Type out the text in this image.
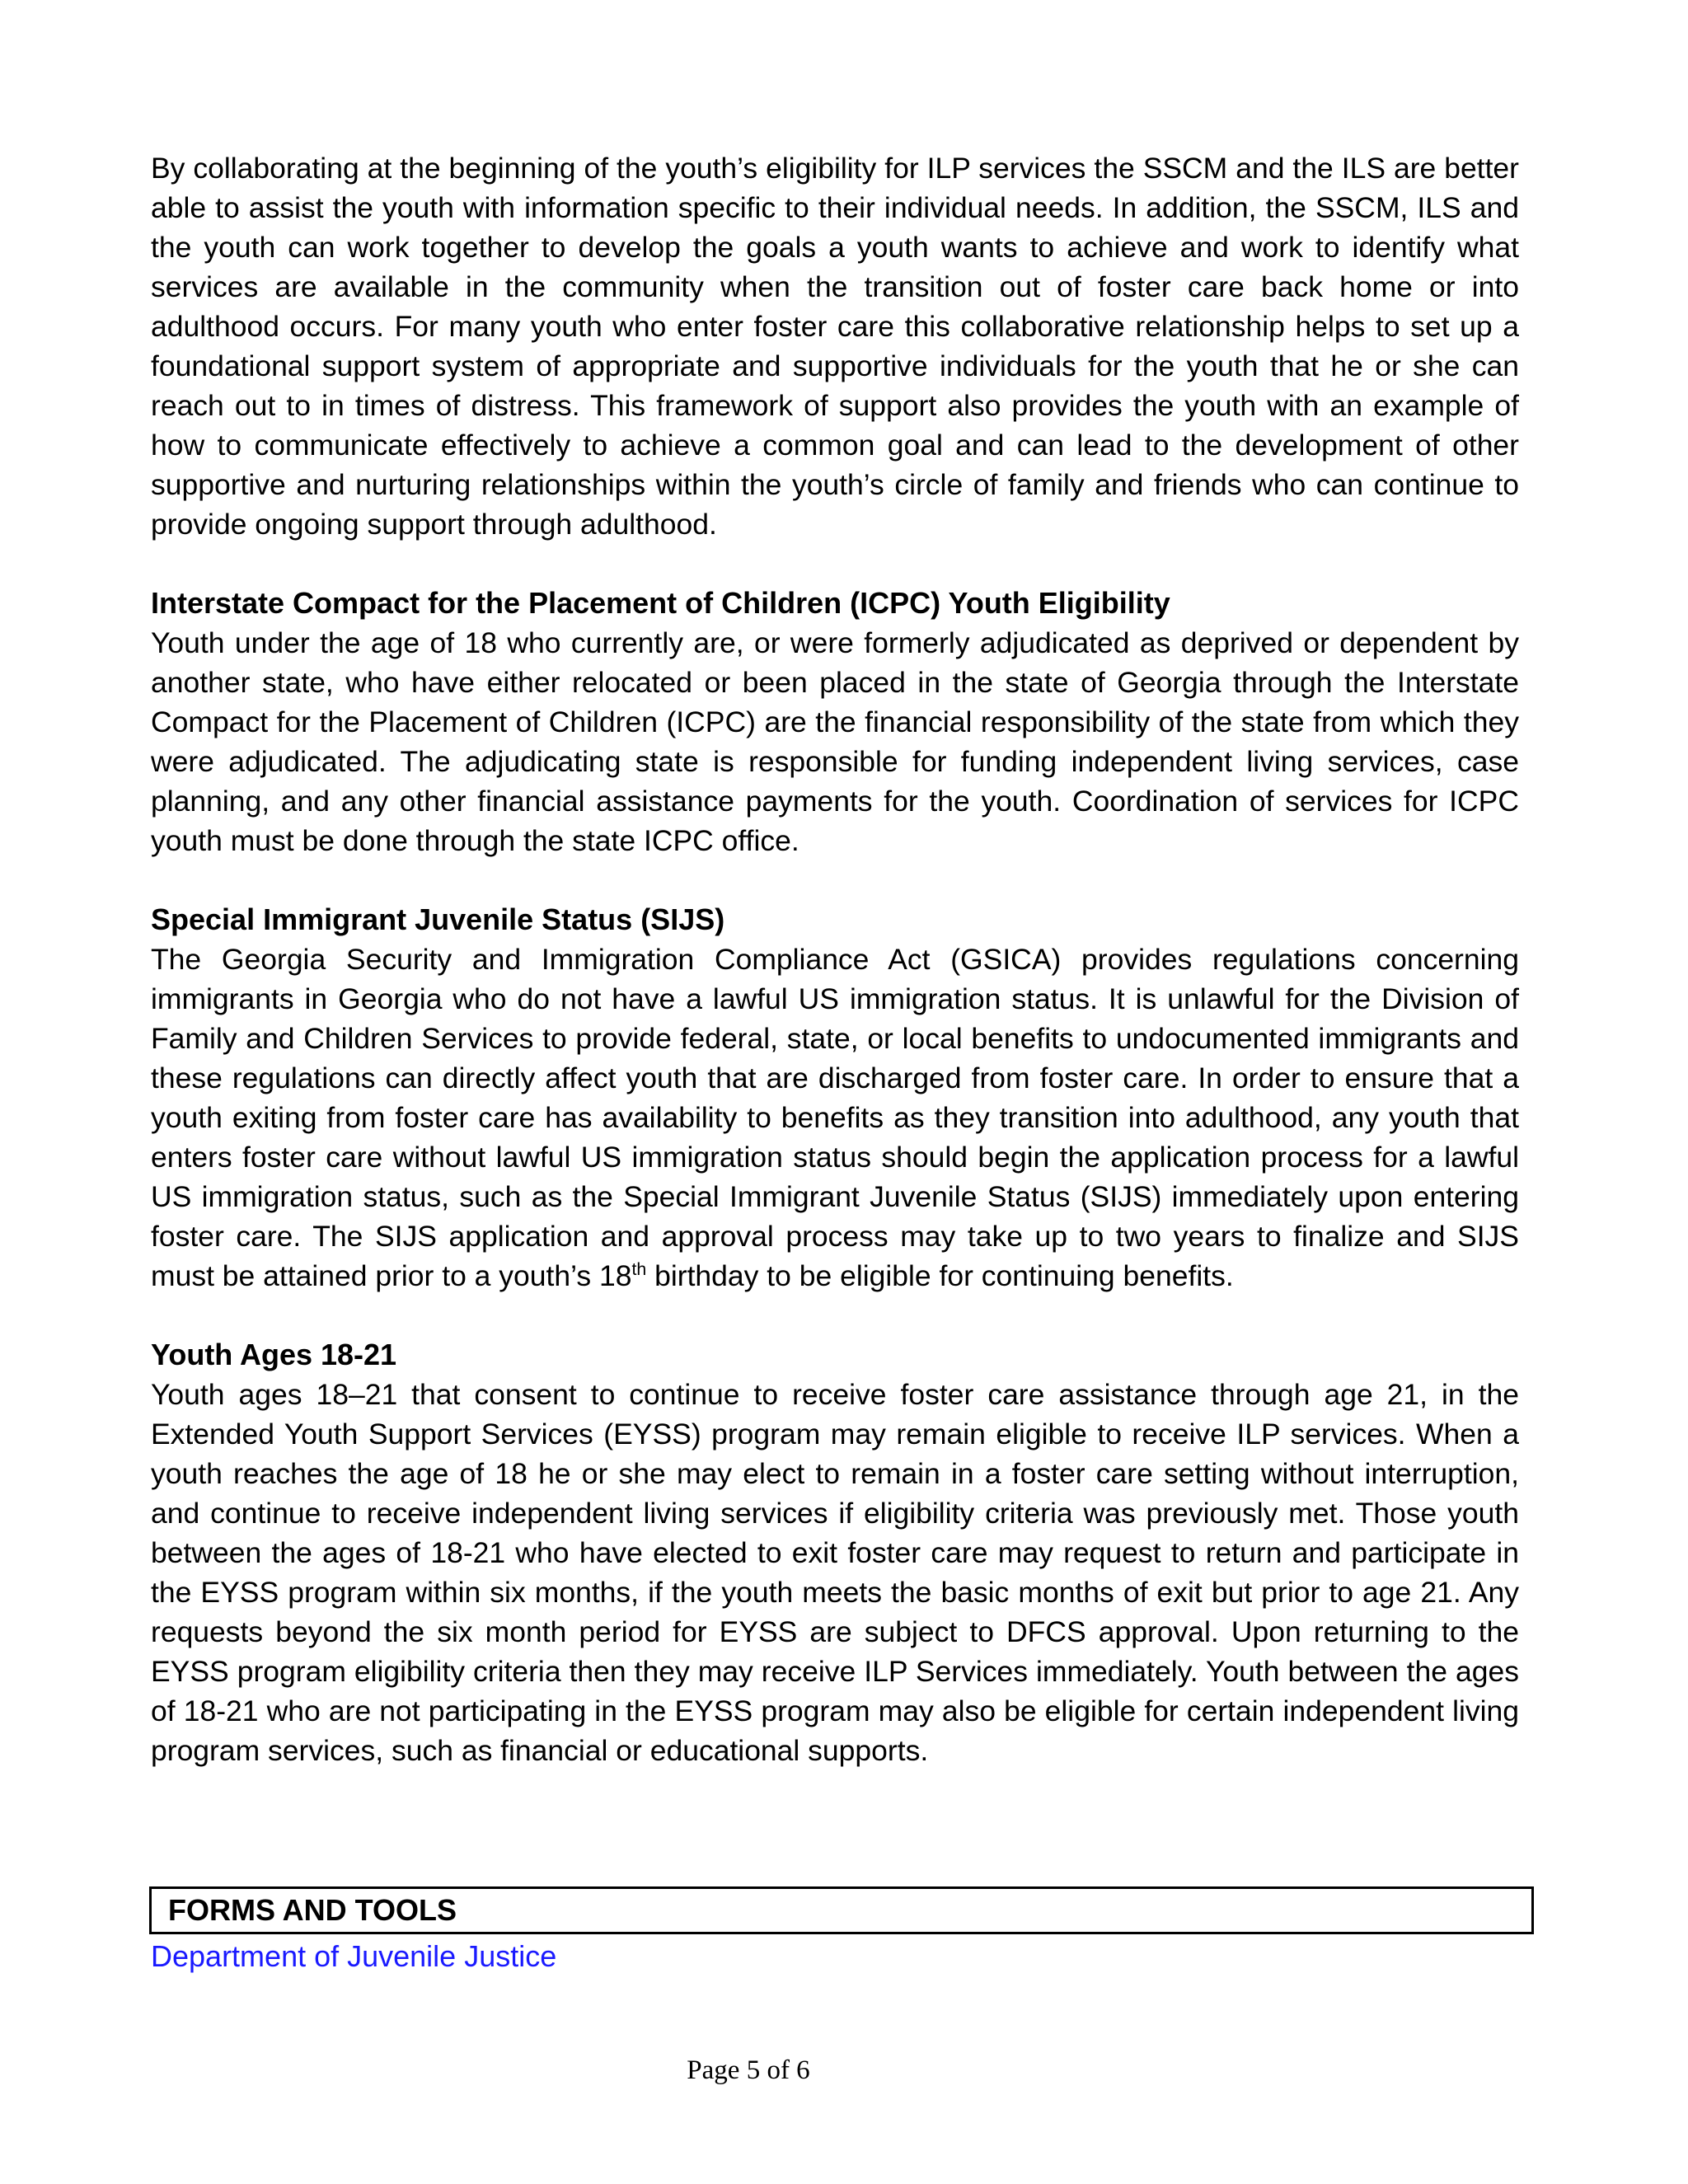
By collaborating at the beginning of the youth’s eligibility for ILP services the SSCM and the ILS are better able to assist the youth with information specific to their individual needs. In addition, the SSCM, ILS and the youth can work together to develop the goals a youth wants to achieve and work to identify what services are available in the community when the transition out of foster care back home or into adulthood occurs. For many youth who enter foster care this collaborative relationship helps to set up a foundational support system of appropriate and supportive individuals for the youth that he or she can reach out to in times of distress. This framework of support also provides the youth with an example of how to communicate effectively to achieve a common goal and can lead to the development of other supportive and nurturing relationships within the youth’s circle of family and friends who can continue to provide ongoing support through adulthood.

Interstate Compact for the Placement of Children (ICPC) Youth Eligibility

Youth under the age of 18 who currently are, or were formerly adjudicated as deprived or dependent by another state, who have either relocated or been placed in the state of Georgia through the Interstate Compact for the Placement of Children (ICPC) are the financial responsibility of the state from which they were adjudicated. The adjudicating state is responsible for funding independent living services, case planning, and any other financial assistance payments for the youth. Coordination of services for ICPC youth must be done through the state ICPC office.

Special Immigrant Juvenile Status (SIJS)

The Georgia Security and Immigration Compliance Act (GSICA) provides regulations concerning immigrants in Georgia who do not have a lawful US immigration status. It is unlawful for the Division of Family and Children Services to provide federal, state, or local benefits to undocumented immigrants and these regulations can directly affect youth that are discharged from foster care. In order to ensure that a youth exiting from foster care has availability to benefits as they transition into adulthood, any youth that enters foster care without lawful US immigration status should begin the application process for a lawful US immigration status, such as the Special Immigrant Juvenile Status (SIJS) immediately upon entering foster care. The SIJS application and approval process may take up to two years to finalize and SIJS must be attained prior to a youth’s 18th birthday to be eligible for continuing benefits.

Youth Ages 18-21

Youth ages 18–21 that consent to continue to receive foster care assistance through age 21, in the Extended Youth Support Services (EYSS) program may remain eligible to receive ILP services. When a youth reaches the age of 18 he or she may elect to remain in a foster care setting without interruption, and continue to receive independent living services if eligibility criteria was previously met. Those youth between the ages of 18-21 who have elected to exit foster care may request to return and participate in the EYSS program within six months, if the youth meets the basic months of exit but prior to age 21. Any requests beyond the six month period for EYSS are subject to DFCS approval. Upon returning to the EYSS program eligibility criteria then they may receive ILP Services immediately. Youth between the ages of 18-21 who are not participating in the EYSS program may also be eligible for certain independent living program services, such as financial or educational supports.

FORMS AND TOOLS

Department of Juvenile Justice
Page 5 of 6
